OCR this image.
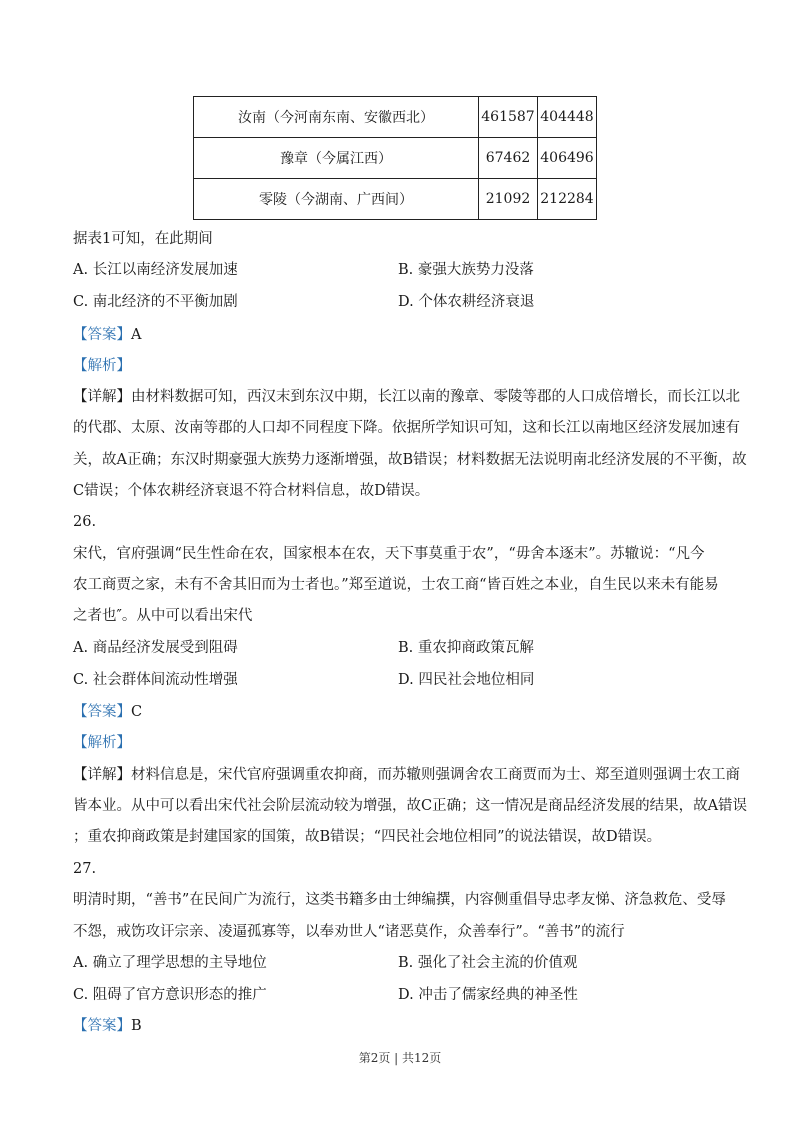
汝南（今河南东南、安徽西北）	461587	404448
豫章（今属江西）	67462	406496
零陵（今湖南、广西间）	21092	212284
据表1可知，在此期间
A. 长江以南经济发展加速	B. 豪强大族势力没落
C. 南北经济的不平衡加剧	D. 个体农耕经济衰退
【答案】A
【解析】
【详解】由材料数据可知，西汉末到东汉中期，长江以南的豫章、零陵等郡的人口成倍增长，而长江以北
的代郡、太原、汝南等郡的人口却不同程度下降。依据所学知识可知，这和长江以南地区经济发展加速有
关，故A正确；东汉时期豪强大族势力逐渐增强，故B错误；材料数据无法说明南北经济发展的不平衡，故
C错误；个体农耕经济衰退不符合材料信息，故D错误。
26.
宋代，官府强调“民生性命在农，国家根本在农，天下事莫重于农”，“毋舍本逐末”。苏辙说：“凡今
农工商贾之家，未有不舍其旧而为士者也。”郑至道说，士农工商“皆百姓之本业，自生民以来未有能易
之者也″。从中可以看出宋代
A. 商品经济发展受到阻碍	B. 重农抑商政策瓦解
C. 社会群体间流动性增强	D. 四民社会地位相同
【答案】C
【解析】
【详解】材料信息是，宋代官府强调重农抑商，而苏辙则强调舍农工商贾而为士、郑至道则强调士农工商
皆本业。从中可以看出宋代社会阶层流动较为增强，故C正确；这一情况是商品经济发展的结果，故A错误
；重农抑商政策是封建国家的国策，故B错误；“四民社会地位相同”的说法错误，故D错误。
27.
明清时期，“善书”在民间广为流行，这类书籍多由士绅编撰，内容侧重倡导忠孝友悌、济急救危、受辱
不怨，戒饬攻讦宗亲、凌逼孤寡等，以奉劝世人“诸恶莫作，众善奉行”。“善书”的流行
A. 确立了理学思想的主导地位	B. 强化了社会主流的价值观
C. 阻碍了官方意识形态的推广	D. 冲击了儒家经典的神圣性
【答案】B
第2页 | 共12页
